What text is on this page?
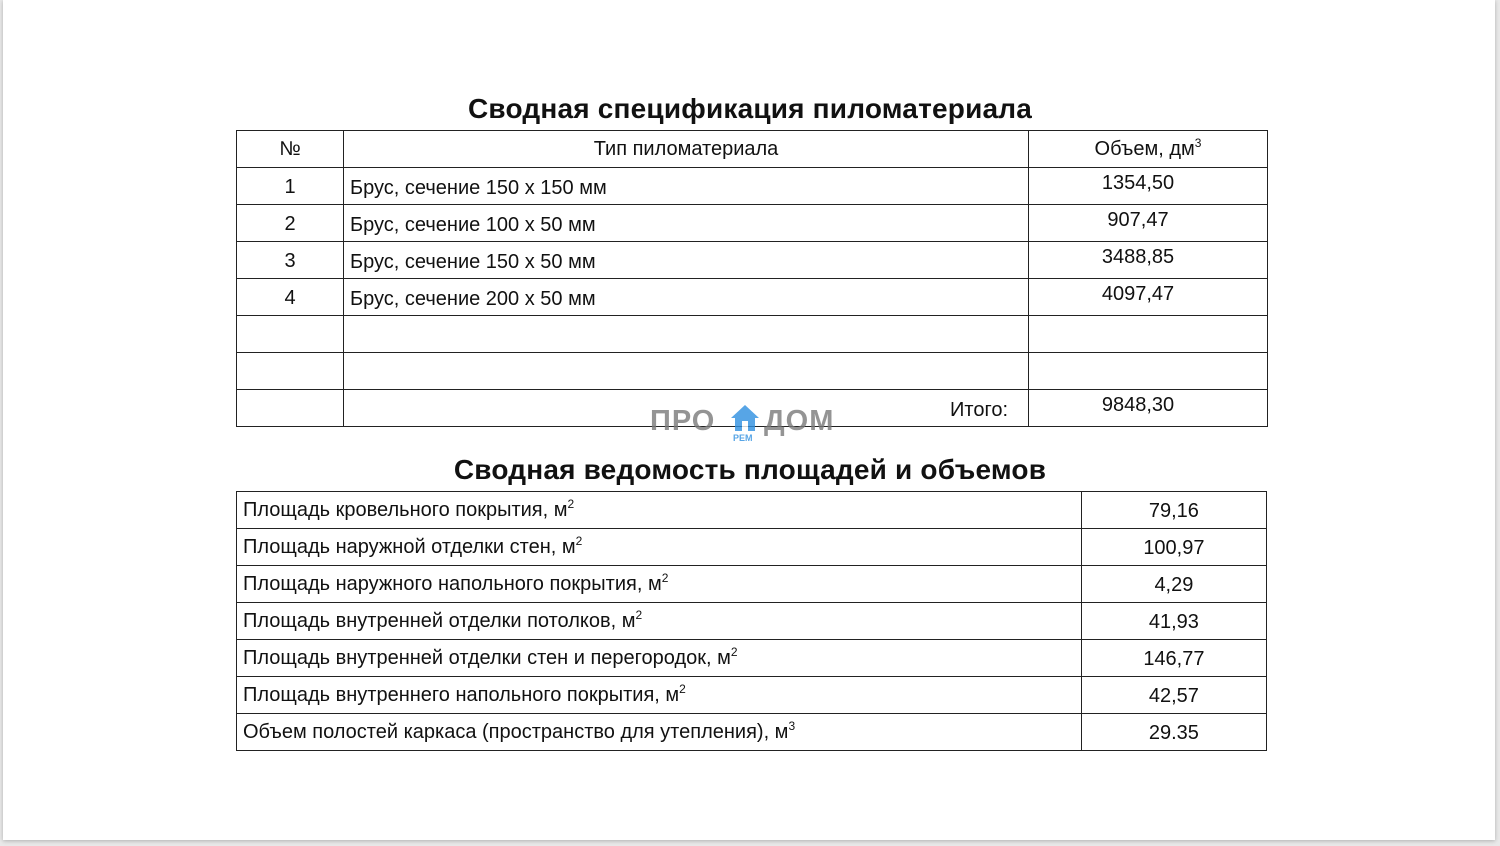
Сводная спецификация пиломатериала
№	Тип пиломатериала	Объем, $дм^3$
1	Брус, сечение 150 х 150 мм	1354,50
2	Брус, сечение 100 х 50 мм	907,47
3	Брус, сечение 150 х 50 мм	3488,85
4	Брус, сечение 200 х 50 мм	4097,47

	Итого:	9848,30
ПРО
РЕМ
ДОМ
Сводная ведомость площадей и объемов
Площадь кровельного покрытия, $м^2$	79,16
Площадь наружной отделки стен, $м^2$	100,97
Площадь наружного напольного покрытия, $м^2$	4,29
Площадь внутренней отделки потолков, $м^2$	41,93
Площадь внутренней отделки стен и перегородок, $м^2$	146,77
Площадь внутреннего напольного покрытия, $м^2$	42,57
Объем полостей каркаса (пространство для утепления), $м^3$	29.35
